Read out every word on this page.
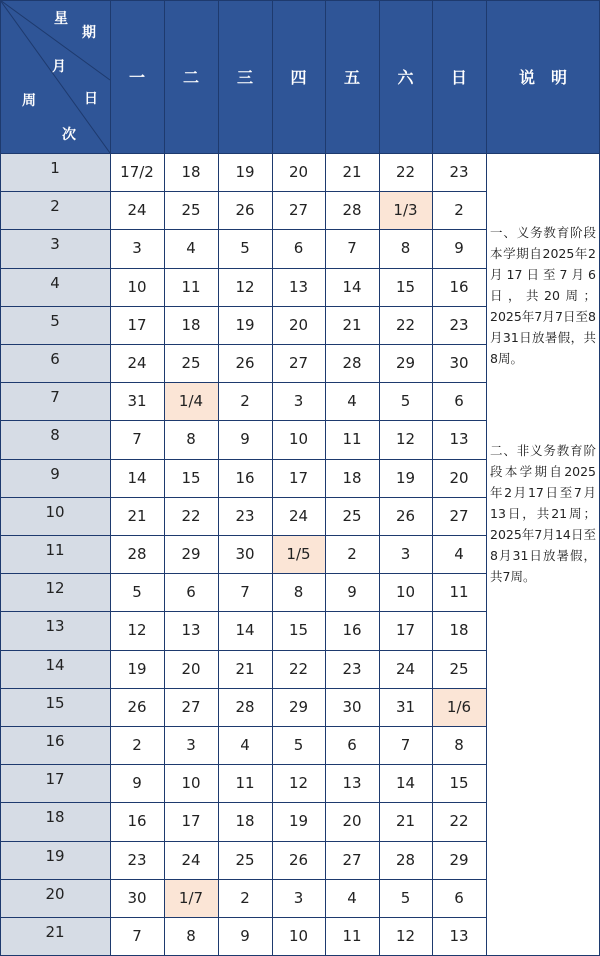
星
期
月
日
周
次
说　明

一、义务教育阶段本学期自2025年2月17日至7月6日，共20周；2025年7月7日至8月31日放暑假，共8周。

二、非义务教育阶段本学期自2025年2月17日至7月13日，共21周；2025年7月14日至8月31日放暑假，共7周。

一	二	三	四	五	六	日
1	17/2	18	19	20	21	22	23
2	24	25	26	27	28	1/3	2
3	3	4	5	6	7	8	9
4	10	11	12	13	14	15	16
5	17	18	19	20	21	22	23
6	24	25	26	27	28	29	30
7	31	1/4	2	3	4	5	6
8	7	8	9	10	11	12	13
9	14	15	16	17	18	19	20
10	21	22	23	24	25	26	27
11	28	29	30	1/5	2	3	4
12	5	6	7	8	9	10	11
13	12	13	14	15	16	17	18
14	19	20	21	22	23	24	25
15	26	27	28	29	30	31	1/6
16	2	3	4	5	6	7	8
17	9	10	11	12	13	14	15
18	16	17	18	19	20	21	22
19	23	24	25	26	27	28	29
20	30	1/7	2	3	4	5	6
21	7	8	9	10	11	12	13
